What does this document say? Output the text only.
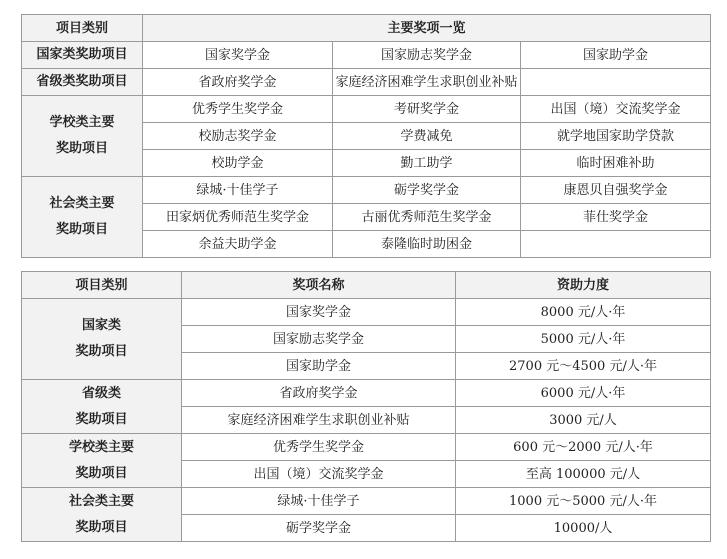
项目类别	主要奖项一览		

国家类奖助项目	国家奖学金	国家励志奖学金	国家助学金

省级类奖助项目	省政府奖学金	家庭经济困难学生求职创业补贴	

学校类主要
奖助项目	优秀学生奖学金	考研奖学金	出国（境）交流奖学金
	校励志奖学金	学费减免	就学地国家助学贷款
	校助学金	勤工助学	临时困难补助

社会类主要
奖助项目	绿城·十佳学子	砺学奖学金	康恩贝自强奖学金
	田家炳优秀师范生奖学金	古丽优秀师范生奖学金	菲仕奖学金
	余益夫助学金	泰隆临时助困金	
项目类别	奖项名称	资助力度

国家类
奖助项目	国家奖学金	8000 元/人·年
	国家励志奖学金	5000 元/人·年
	国家助学金	2700 元～4500 元/人·年

省级类
奖助项目	省政府奖学金	6000 元/人·年
	家庭经济困难学生求职创业补贴	3000 元/人

学校类主要
奖助项目	优秀学生奖学金	600 元～2000 元/人·年
	出国（境）交流奖学金	至高 100000 元/人

社会类主要
奖助项目	绿城·十佳学子	1000 元～5000 元/人·年
	砺学奖学金	10000/人
